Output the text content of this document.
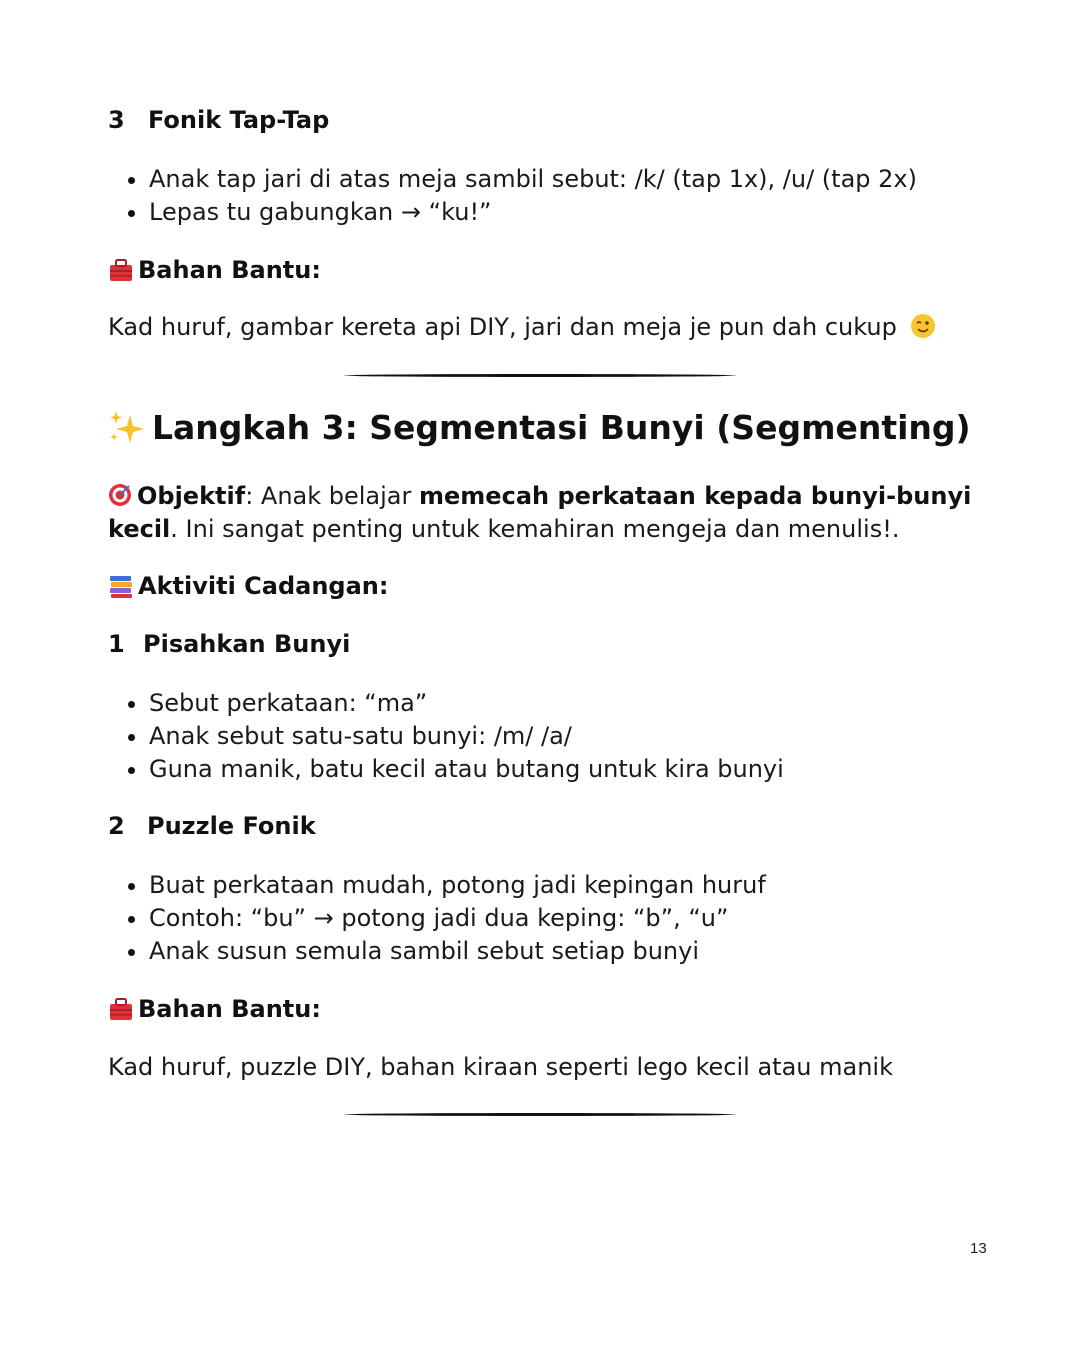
3 Fonik Tap-Tap
Anak tap jari di atas meja sambil sebut: /k/ (tap 1x), /u/ (tap 2x)
Lepas tu gabungkan → “ku!”
Bahan Bantu:
Kad huruf, gambar kereta api DIY, jari dan meja je pun dah cukup
Langkah 3: Segmentasi Bunyi (Segmenting)
Objektif: Anak belajar memecah perkataan kepada bunyi-bunyi kecil. Ini sangat penting untuk kemahiran mengeja dan menulis!.
Aktiviti Cadangan:
1 Pisahkan Bunyi
Sebut perkataan: “ma”
Anak sebut satu-satu bunyi: /m/ /a/
Guna manik, batu kecil atau butang untuk kira bunyi
2 Puzzle Fonik
Buat perkataan mudah, potong jadi kepingan huruf
Contoh: “bu” → potong jadi dua keping: “b”, “u”
Anak susun semula sambil sebut setiap bunyi
Bahan Bantu:
Kad huruf, puzzle DIY, bahan kiraan seperti lego kecil atau manik
13
